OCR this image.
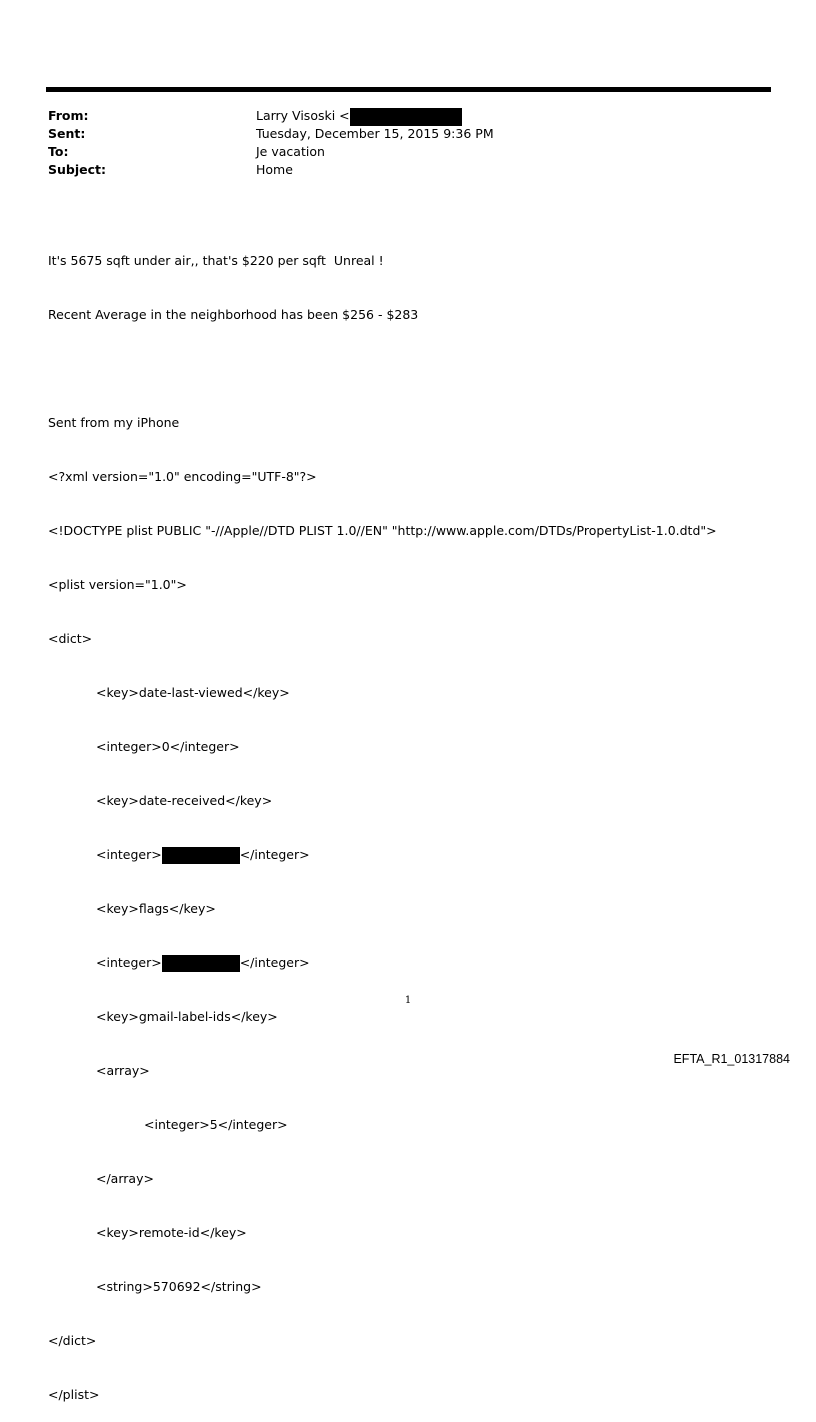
From:	Larry Visoski <
Sent:	Tuesday, December 15, 2015 9:36 PM
To:	Je vacation
Subject:	Home

It's 5675 sqft under air,, that's $220 per sqft  Unreal !

Recent Average in the neighborhood has been $256 - $283

Sent from my iPhone

<?xml version="1.0" encoding="UTF-8"?>

<!DOCTYPE plist PUBLIC "-//Apple//DTD PLIST 1.0//EN" "http://www.apple.com/DTDs/PropertyList-1.0.dtd">

<plist version="1.0">

<dict>

<key>date-last-viewed</key>

<integer>0</integer>

<key>date-received</key>

<integer>	</integer>

<key>flags</key>

<integer>	</integer>

<key>gmail-label-ids</key>

<array>

<integer>5</integer>

</array>

<key>remote-id</key>

<string>570692</string>

</dict>

</plist>

1
EFTA_R1_01317884
